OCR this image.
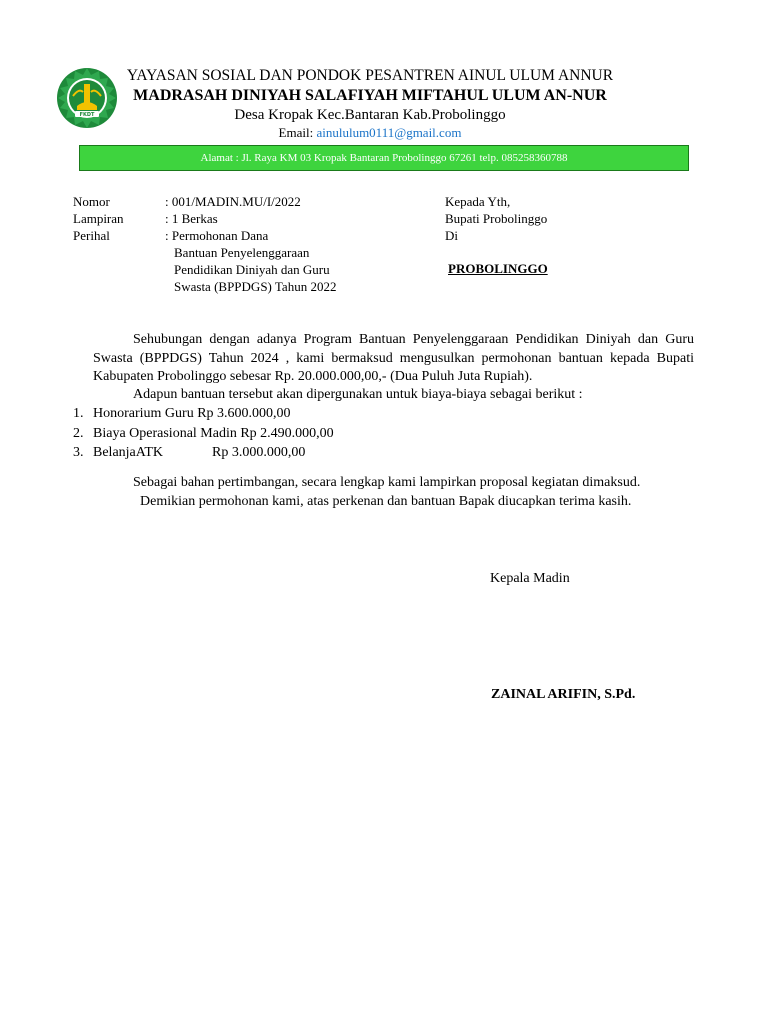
FKDT
YAYASAN SOSIAL DAN PONDOK PESANTREN AINUL ULUM ANNUR
MADRASAH DINIYAH SALAFIYAH MIFTAHUL ULUM AN-NUR
Desa Kropak Kec.Bantaran Kab.Probolinggo
Email: ainululum0111@gmail.com
Alamat : Jl. Raya KM 03 Kropak Bantaran Probolinggo 67261 telp. 085258360788
Nomor	: 001/MADIN.MU/I/2022
Lampiran	: 1 Berkas
Perihal	: Permohonan Dana
Bantuan Penyelenggaraan
Pendidikan Diniyah dan Guru
Swasta (BPPDGS) Tahun 2022
Kepada Yth,
Bupati Probolinggo
Di
PROBOLINGGO

Sehubungan dengan adanya Program Bantuan Penyelenggaraan Pendidikan Diniyah dan Guru Swasta (BPPDGS) Tahun 2024 , kami bermaksud mengusulkan permohonan bantuan kepada Bupati Kabupaten Probolinggo sebesar Rp. 20.000.000,00,- (Dua Puluh Juta Rupiah).

Adapun bantuan tersebut akan dipergunakan untuk biaya-biaya sebagai berikut :
1. Honorarium Guru Rp 3.600.000,00
2. Biaya Operasional Madin Rp 2.490.000,00
3. BelanjaATK	Rp 3.000.000,00
Sebagai bahan pertimbangan, secara lengkap kami lampirkan proposal kegiatan dimaksud.
Demikian permohonan kami, atas perkenan dan bantuan Bapak diucapkan terima kasih.
Kepala Madin
ZAINAL ARIFIN, S.Pd.
